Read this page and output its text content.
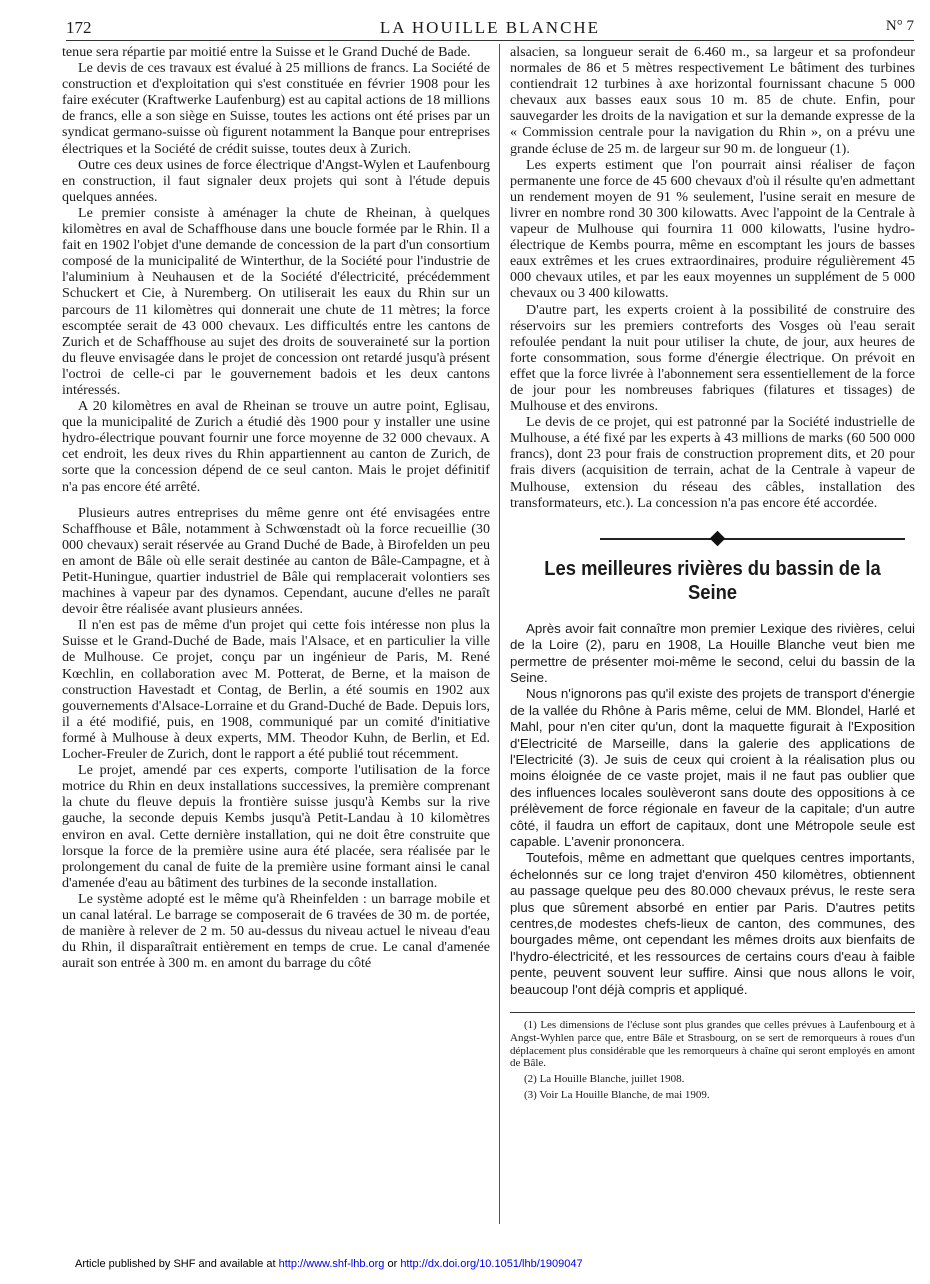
172	LA HOUILLE BLANCHE	N° 7

tenue sera répartie par moitié entre la Suisse et le Grand Duché de Bade.

Le devis de ces travaux est évalué à 25 millions de francs. La Société de construction et d'exploitation qui s'est constituée en février 1908 pour les faire exécuter (Kraftwerke Laufenburg) est au capital actions de 18 millions de francs, elle a son siège en Suisse, toutes les actions ont été prises par un syndicat germano-suisse où figurent notamment la Banque pour entreprises électriques et la Société de crédit suisse, toutes deux à Zurich.

Outre ces deux usines de force électrique d'Angst-Wylen et Laufenbourg en construction, il faut signaler deux projets qui sont à l'étude depuis quelques années.

Le premier consiste à aménager la chute de Rheinan, à quelques kilomètres en aval de Schaffhouse dans une boucle formée par le Rhin. Il a fait en 1902 l'objet d'une demande de concession de la part d'un consortium composé de la municipalité de Winterthur, de la Société pour l'industrie de l'aluminium à Neuhausen et de la Société d'électricité, précédemment Schuckert et Cie, à Nuremberg. On utiliserait les eaux du Rhin sur un parcours de 11 kilomètres qui donnerait une chute de 11 mètres; la force escomptée serait de 43 000 chevaux. Les difficultés entre les cantons de Zurich et de Schaffhouse au sujet des droits de souveraineté sur la portion du fleuve envisagée dans le projet de concession ont retardé jusqu'à présent l'octroi de celle-ci par le gouvernement badois et les deux cantons intéressés.

A 20 kilomètres en aval de Rheinan se trouve un autre point, Eglisau, que la municipalité de Zurich a étudié dès 1900 pour y installer une usine hydro-électrique pouvant fournir une force moyenne de 32 000 chevaux. A cet endroit, les deux rives du Rhin appartiennent au canton de Zurich, de sorte que la concession dépend de ce seul canton. Mais le projet définitif n'a pas encore été arrêté.

Plusieurs autres entreprises du même genre ont été envisagées entre Schaffhouse et Bâle, notamment à Schwœnstadt où la force recueillie (30 000 chevaux) serait réservée au Grand Duché de Bade, à Birofelden un peu en amont de Bâle où elle serait destinée au canton de Bâle-Campagne, et à Petit-Huningue, quartier industriel de Bâle qui remplacerait volontiers ses machines à vapeur par des dynamos. Cependant, aucune d'elles ne paraît devoir être réalisée avant plusieurs années.

Il n'en est pas de même d'un projet qui cette fois intéresse non plus la Suisse et le Grand-Duché de Bade, mais l'Alsace, et en particulier la ville de Mulhouse. Ce projet, conçu par un ingénieur de Paris, M. René Kœchlin, en collaboration avec M. Potterat, de Berne, et la maison de construction Havestadt et Contag, de Berlin, a été soumis en 1902 aux gouvernements d'Alsace-Lorraine et du Grand-Duché de Bade. Depuis lors, il a été modifié, puis, en 1908, communiqué par un comité d'initiative formé à Mulhouse à deux experts, MM. Theodor Kuhn, de Berlin, et Ed. Locher-Freuler de Zurich, dont le rapport a été publié tout récemment.

Le projet, amendé par ces experts, comporte l'utilisation de la force motrice du Rhin en deux installations successives, la première comprenant la chute du fleuve depuis la frontière suisse jusqu'à Kembs sur la rive gauche, la seconde depuis Kembs jusqu'à Petit-Landau à 10 kilomètres environ en aval. Cette dernière installation, qui ne doit être construite que lorsque la force de la première usine aura été placée, sera réalisée par le prolongement du canal de fuite de la première usine formant ainsi le canal d'amenée d'eau au bâtiment des turbines de la seconde installation.

Le système adopté est le même qu'à Rheinfelden : un barrage mobile et un canal latéral. Le barrage se composerait de 6 travées de 30 m. de portée, de manière à relever de 2 m. 50 au-dessus du niveau actuel le niveau d'eau du Rhin, il disparaîtrait entièrement en temps de crue. Le canal d'amenée aurait son entrée à 300 m. en amont du barrage du côté

alsacien, sa longueur serait de 6.460 m., sa largeur et sa profondeur normales de 86 et 5 mètres respectivement Le bâtiment des turbines contiendrait 12 turbines à axe horizontal fournissant chacune 5 000 chevaux aux basses eaux sous 10 m. 85 de chute. Enfin, pour sauvegarder les droits de la navigation et sur la demande expresse de la « Commission centrale pour la navigation du Rhin », on a prévu une grande écluse de 25 m. de largeur sur 90 m. de longueur (1).

Les experts estiment que l'on pourrait ainsi réaliser de façon permanente une force de 45 600 chevaux d'où il résulte qu'en admettant un rendement moyen de 91 % seulement, l'usine serait en mesure de livrer en nombre rond 30 300 kilowatts. Avec l'appoint de la Centrale à vapeur de Mulhouse qui fournira 11 000 kilowatts, l'usine hydro-électrique de Kembs pourra, même en escomptant les jours de basses eaux extrêmes et les crues extraordinaires, produire régulièrement 45 000 chevaux utiles, et par les eaux moyennes un supplément de 5 000 chevaux ou 3 400 kilowatts.

D'autre part, les experts croient à la possibilité de construire des réservoirs sur les premiers contreforts des Vosges où l'eau serait refoulée pendant la nuit pour utiliser la chute, de jour, aux heures de forte consommation, sous forme d'énergie électrique. On prévoit en effet que la force livrée à l'abonnement sera essentiellement de la force de jour pour les nombreuses fabriques (filatures et tissages) de Mulhouse et des environs.

Le devis de ce projet, qui est patronné par la Société industrielle de Mulhouse, a été fixé par les experts à 43 millions de marks (60 500 000 francs), dont 23 pour frais de construction proprement dits, et 20 pour frais divers (acquisition de terrain, achat de la Centrale à vapeur de Mulhouse, extension du réseau des câbles, installation des transformateurs, etc.). La concession n'a pas encore été accordée.

Les meilleures rivières du bassin de la Seine

Après avoir fait connaître mon premier Lexique des rivières, celui de la Loire (2), paru en 1908, La Houille Blanche veut bien me permettre de présenter moi-même le second, celui du bassin de la Seine.

Nous n'ignorons pas qu'il existe des projets de transport d'énergie de la vallée du Rhône à Paris même, celui de MM. Blondel, Harlé et Mahl, pour n'en citer qu'un, dont la maquette figurait à l'Exposition d'Electricité de Marseille, dans la galerie des applications de l'Electricité (3). Je suis de ceux qui croient à la réalisation plus ou moins éloignée de ce vaste projet, mais il ne faut pas oublier que des influences locales soulèveront sans doute des oppositions à ce prélèvement de force régionale en faveur de la capitale; d'un autre côté, il faudra un effort de capitaux, dont une Métropole seule est capable. L'avenir prononcera.

Toutefois, même en admettant que quelques centres importants, échelonnés sur ce long trajet d'environ 450 kilomètres, obtiennent au passage quelque peu des 80.000 chevaux prévus, le reste sera plus que sûrement absorbé en entier par Paris. D'autres petits centres,de modestes chefs-lieux de canton, des communes, des bourgades même, ont cependant les mêmes droits aux bienfaits de l'hydro-électricité, et les ressources de certains cours d'eau à faible pente, peuvent souvent leur suffire. Ainsi que nous allons le voir, beaucoup l'ont déjà compris et appliqué.

(1) Les dimensions de l'écluse sont plus grandes que celles prévues à Laufenbourg et à Angst-Wyhlen parce que, entre Bâle et Strasbourg, on se sert de remorqueurs à roues d'un déplacement plus considérable que les remorqueurs à chaîne qui seront employés en amont de Bâle.

(2) La Houille Blanche, juillet 1908.

(3) Voir La Houille Blanche, de mai 1909.

Article published by SHF and available at http://www.shf-lhb.org or http://dx.doi.org/10.1051/lhb/1909047
